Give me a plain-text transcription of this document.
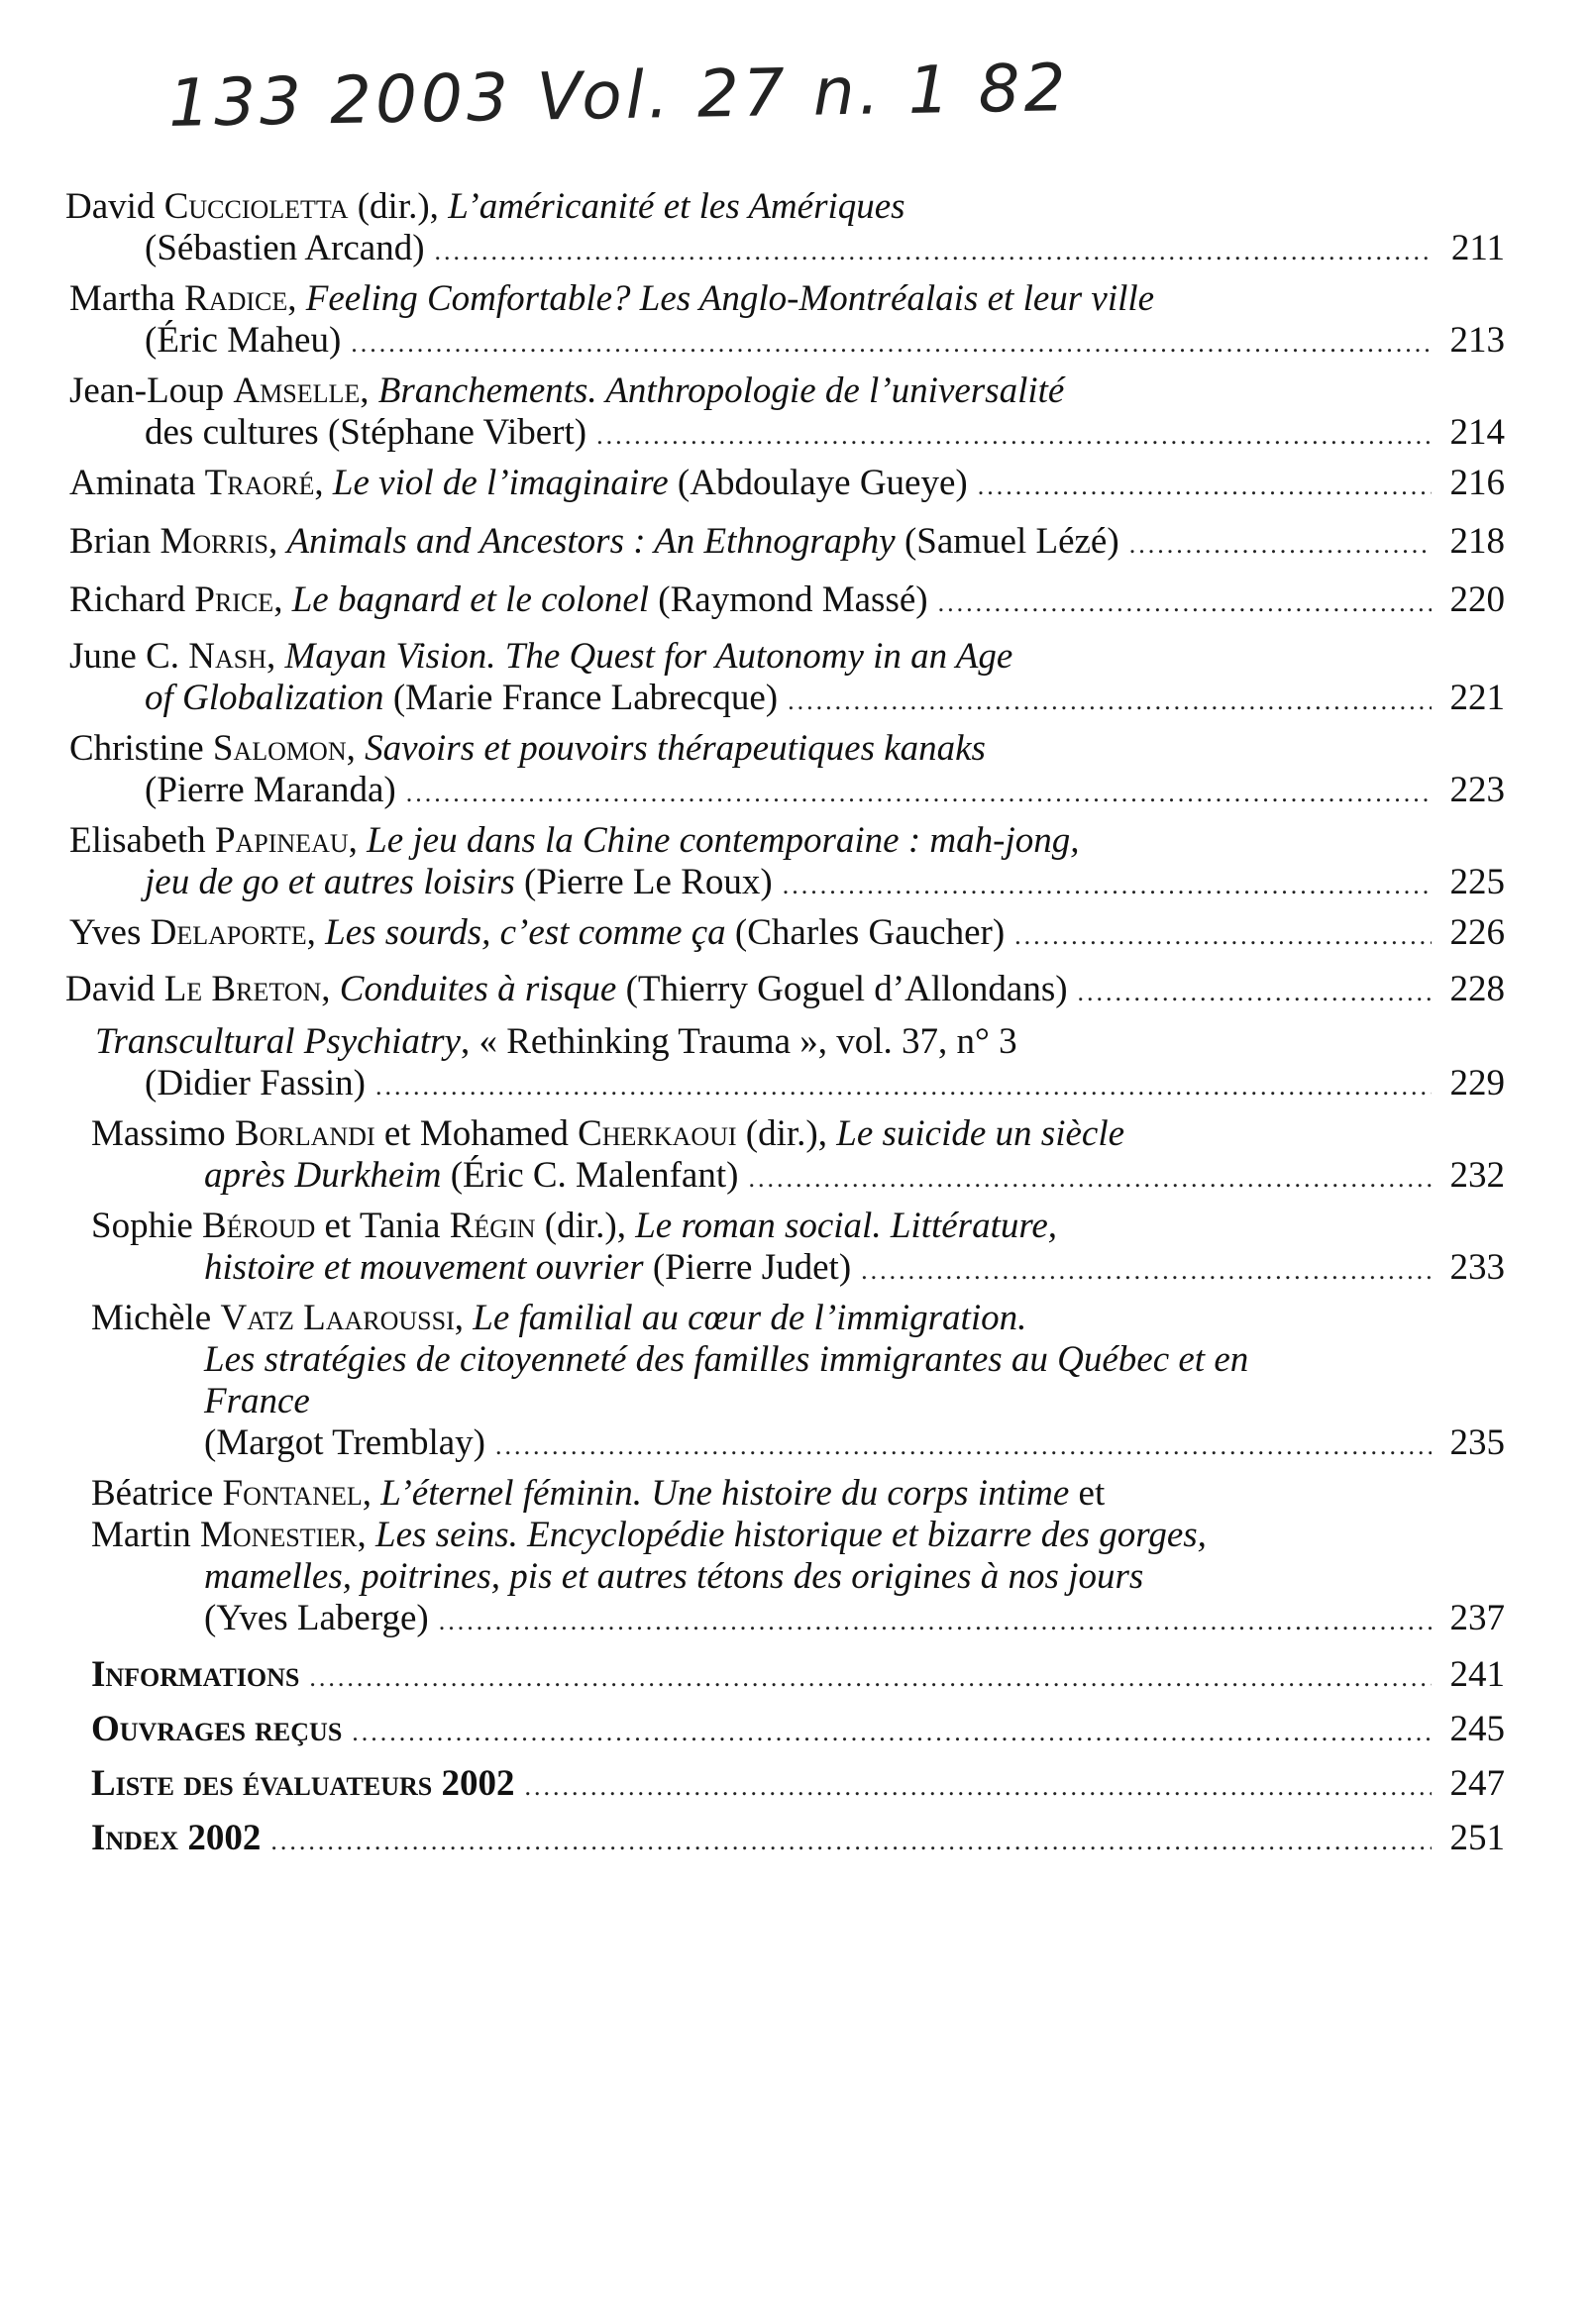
133 2003 Vol. 27 n. 1 82
David Cuccioletta (dir.), L’américanité et les Amériques
(Sébastien Arcand) .....	211
Martha Radice, Feeling Comfortable? Les Anglo-Montréalais et leur ville
(Éric Maheu) .....	213
Jean-Loup Amselle, Branchements. Anthropologie de l’universalité
des cultures (Stéphane Vibert) .....	214
Aminata Traoré, Le viol de l’imaginaire (Abdoulaye Gueye) .....	216
Brian Morris, Animals and Ancestors : An Ethnography (Samuel Lézé) .....	218
Richard Price, Le bagnard et le colonel (Raymond Massé) .....	220
June C. Nash, Mayan Vision. The Quest for Autonomy in an Age
of Globalization (Marie France Labrecque) .....	221
Christine Salomon, Savoirs et pouvoirs thérapeutiques kanaks
(Pierre Maranda) .....	223
Elisabeth Papineau, Le jeu dans la Chine contemporaine : mah-jong,
jeu de go et autres loisirs (Pierre Le Roux) .....	225
Yves Delaporte, Les sourds, c’est comme ça (Charles Gaucher) .....	226
David Le Breton, Conduites à risque (Thierry Goguel d’Allondans) .....	228
Transcultural Psychiatry, « Rethinking Trauma », vol. 37, n° 3
(Didier Fassin) .....	229
Massimo Borlandi et Mohamed Cherkaoui (dir.), Le suicide un siècle
après Durkheim (Éric C. Malenfant) .....	232
Sophie Béroud et Tania Régin (dir.), Le roman social. Littérature,
histoire et mouvement ouvrier (Pierre Judet) .....	233
Michèle Vatz Laaroussi, Le familial au cœur de l’immigration.
Les stratégies de citoyenneté des familles immigrantes au Québec et en
France
(Margot Tremblay) .....	235
Béatrice Fontanel, L’éternel féminin. Une histoire du corps intime et
Martin Monestier, Les seins. Encyclopédie historique et bizarre des gorges,
mamelles, poitrines, pis et autres tétons des origines à nos jours
(Yves Laberge) .....	237
Informations .....	241
Ouvrages reçus .....	245
Liste des évaluateurs 2002 .....	247
Index 2002 .....	251
